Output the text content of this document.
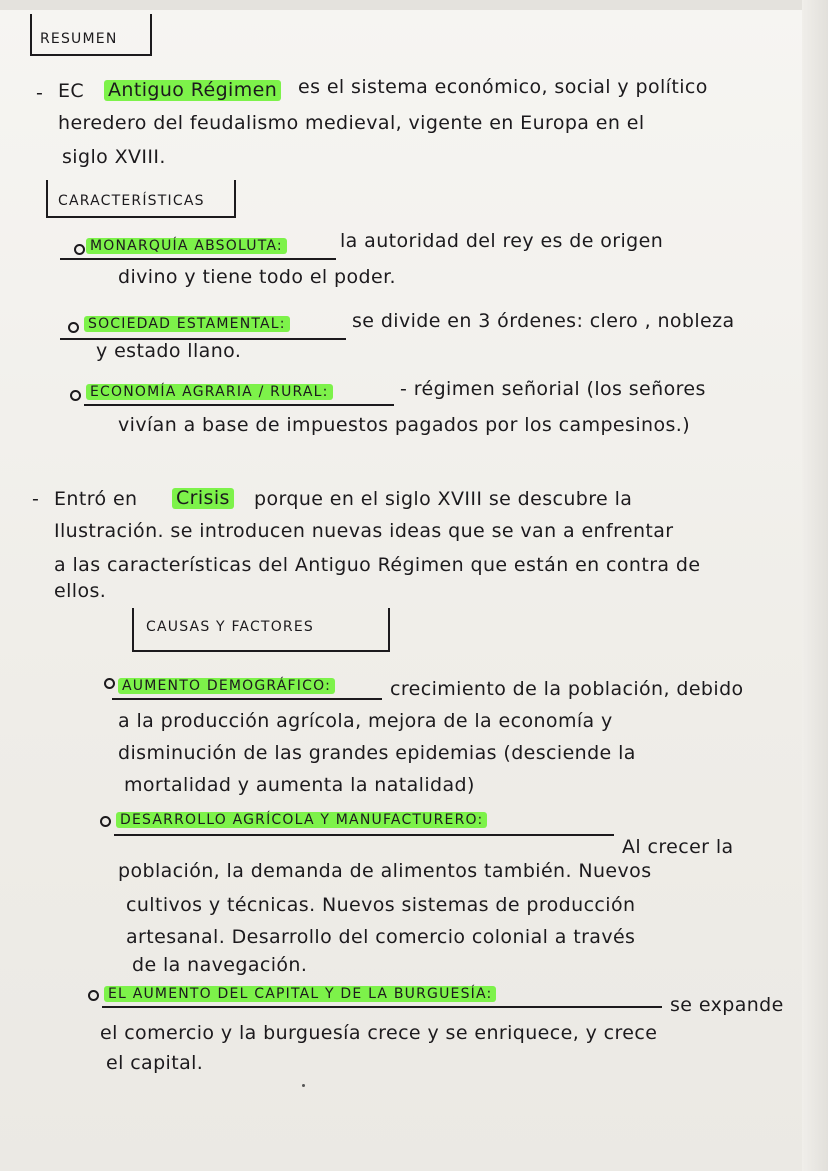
RESUMEN
- EC Antiguo Régimen es el sistema económico, social y político
heredero del feudalismo medieval, vigente en Europa en el
siglo XVIII.
CARACTERÍSTICAS
MONARQUÍA ABSOLUTA:	la autoridad del rey es de origen
divino y tiene todo el poder.
SOCIEDAD ESTAMENTAL:	se divide en 3 órdenes: clero , nobleza
y estado llano.
ECONOMÍA AGRARIA / RURAL:	- régimen señorial (los señores
vivían a base de impuestos pagados por los campesinos.)
- Entró en Crisis porque en el siglo XVIII se descubre la
Ilustración. se introducen nuevas ideas que se van a enfrentar
a las características del Antiguo Régimen que están en contra de
ellos.
CAUSAS Y FACTORES
AUMENTO DEMOGRÁFICO:	crecimiento de la población, debido
a la producción agrícola, mejora de la economía y
disminución de las grandes epidemias (desciende la
mortalidad y aumenta la natalidad)
DESARROLLO AGRÍCOLA Y MANUFACTURERO:
Al crecer la
población, la demanda de alimentos también. Nuevos
cultivos y técnicas. Nuevos sistemas de producción
artesanal. Desarrollo del comercio colonial a través
de la navegación.
EL AUMENTO DEL CAPITAL Y DE LA BURGUESÍA:	se expande
el comercio y la burguesía crece y se enriquece, y crece
el capital.
